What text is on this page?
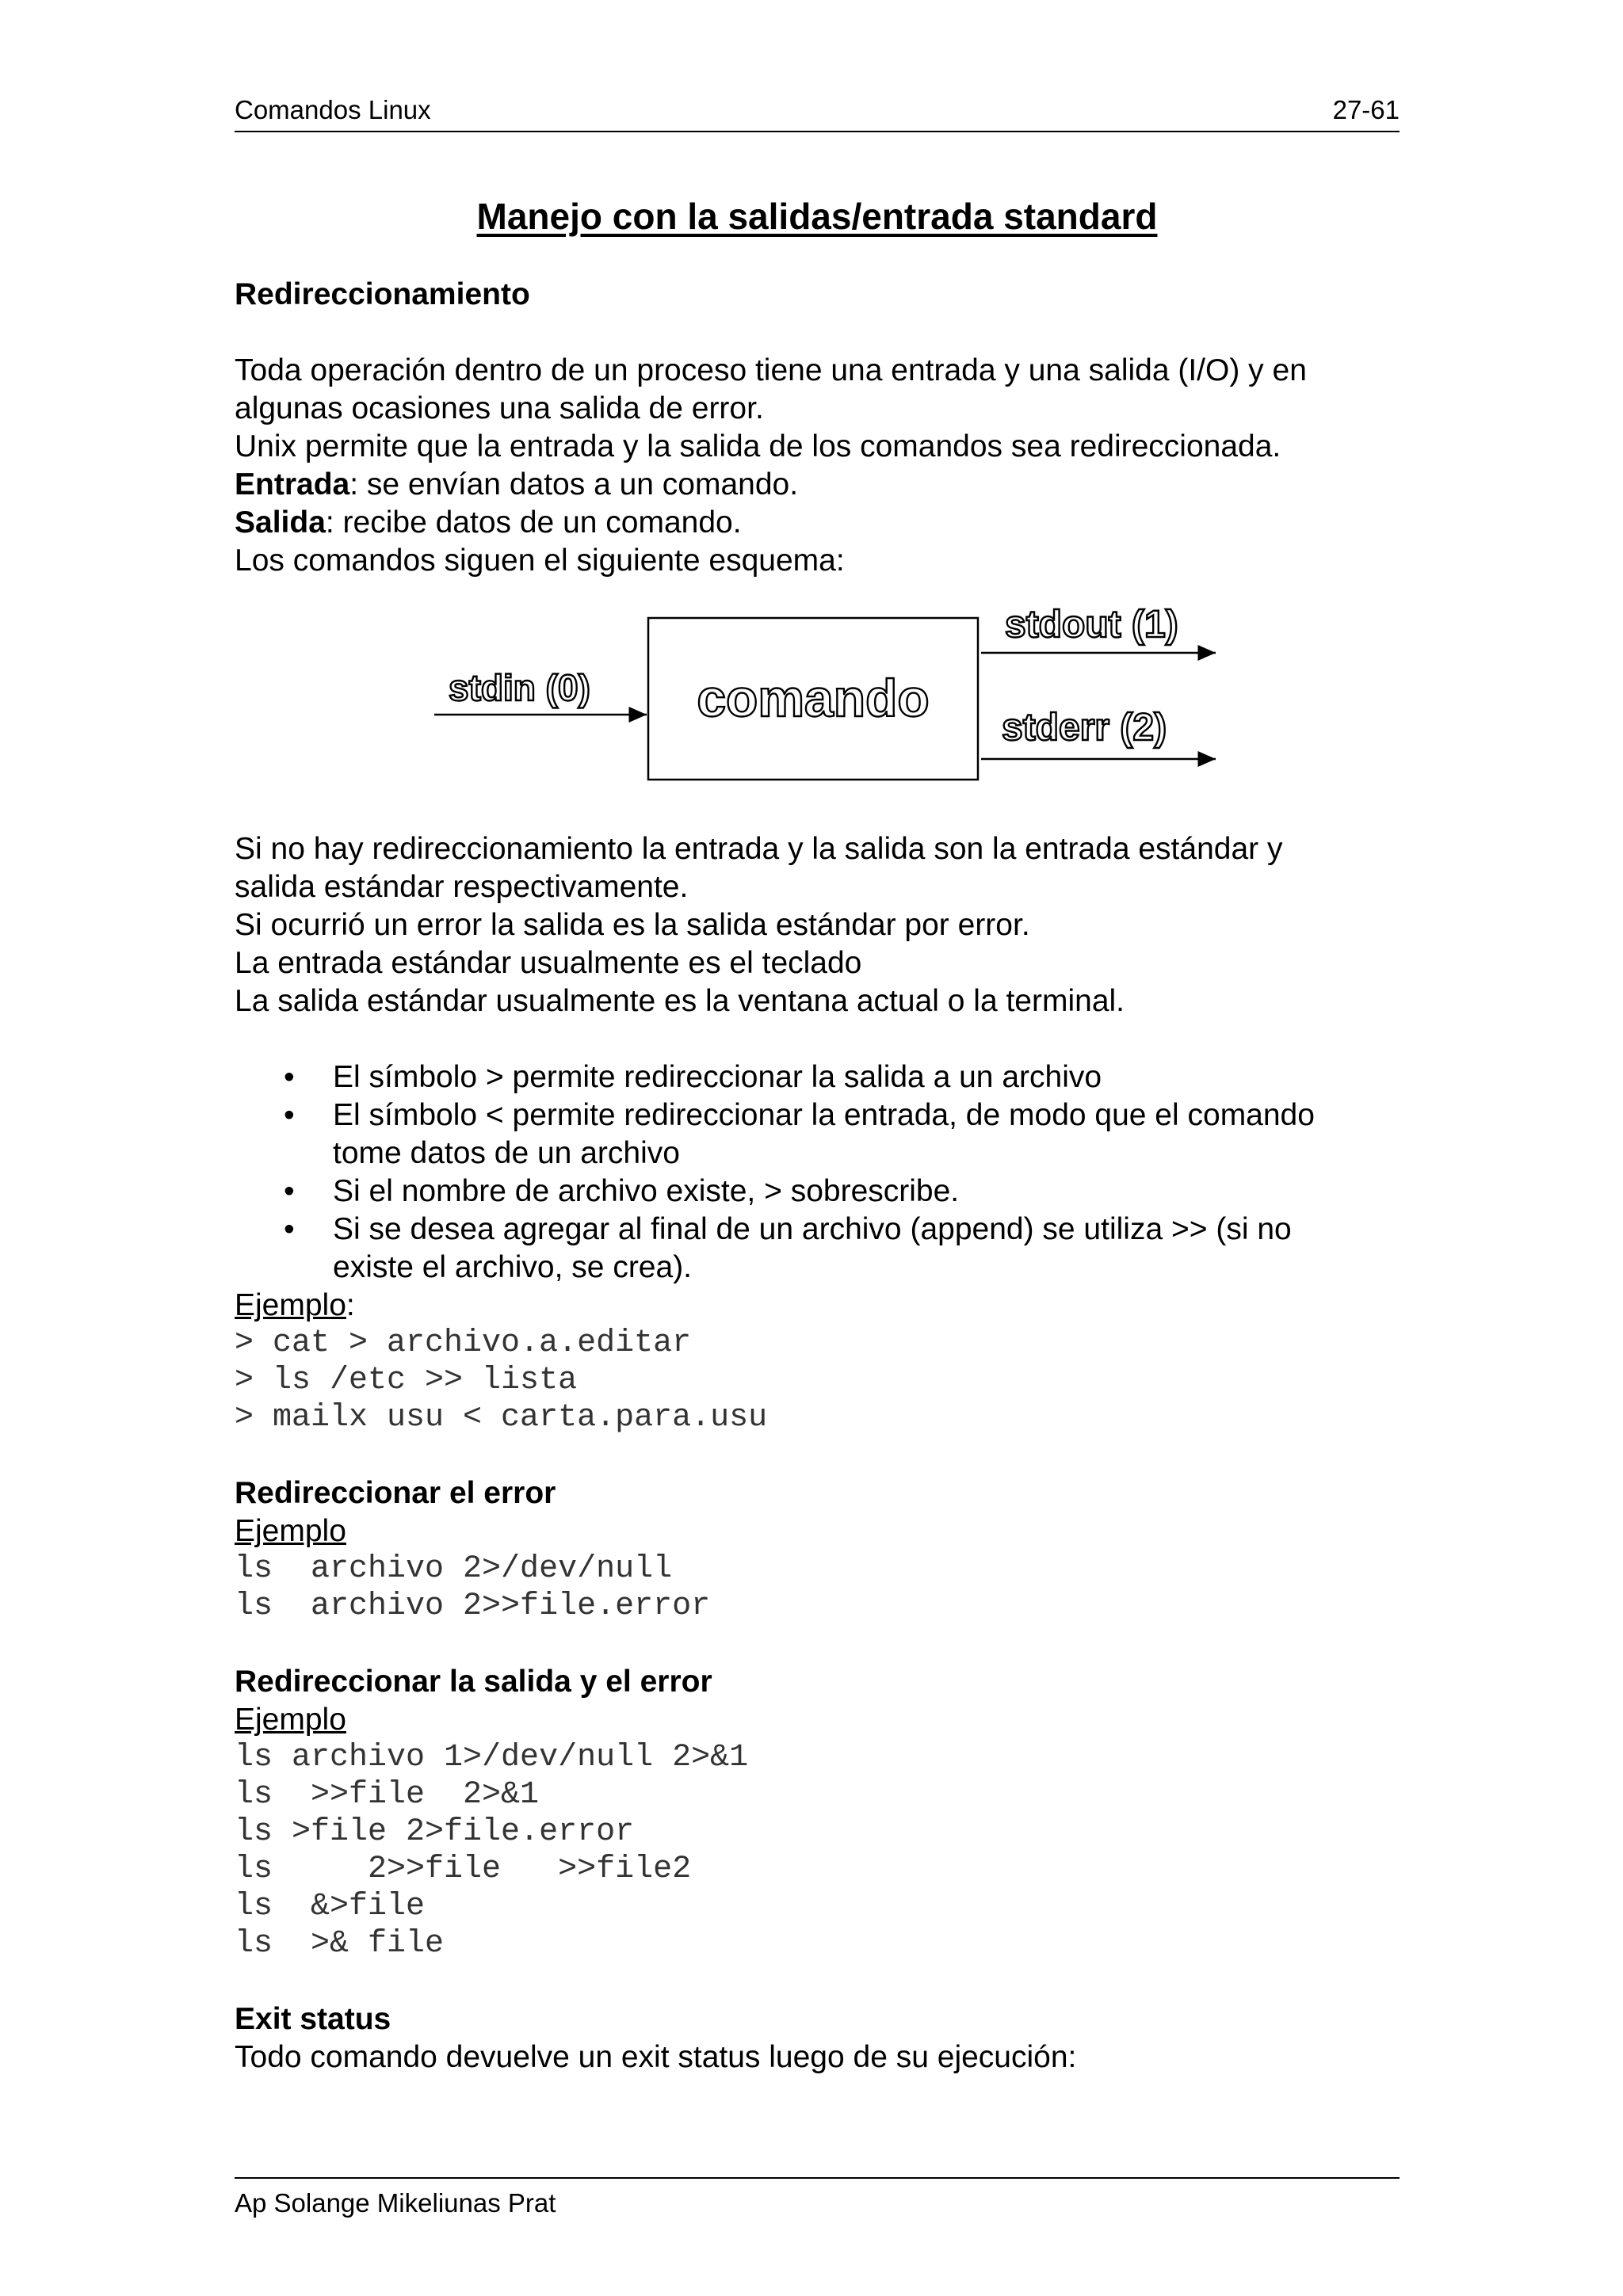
Comandos Linux	27-61
Manejo con la salidas/entrada standard

Redireccionamiento

Toda operación dentro de un proceso tiene una entrada y una salida (I/O) y en

algunas ocasiones una salida de error.

Unix permite que la entrada y la salida de los comandos sea redireccionada.

Entrada: se envían datos a un comando.

Salida: recibe datos de un comando.

Los comandos siguen el siguiente esquema:

comando
stdin (0)
stdout (1)
stderr (2)

Si no hay redireccionamiento la entrada y la salida son la entrada estándar y

salida estándar respectivamente.

Si ocurrió un error la salida es la salida estándar por error.

La entrada estándar usualmente es el teclado

La salida estándar usualmente es la ventana actual o la terminal.

• El símbolo > permite redireccionar la salida a un archivo
• El símbolo < permite redireccionar la entrada, de modo que el comando
tome datos de un archivo
• Si el nombre de archivo existe, > sobrescribe.
• Si se desea agregar al final de un archivo (append) se utiliza >> (si no
existe el archivo, se crea).

Ejemplo:

> cat > archivo.a.editar
> ls /etc >> lista
> mailx usu < carta.para.usu

Redireccionar el error

Ejemplo

ls  archivo 2>/dev/null
ls  archivo 2>>file.error

Redireccionar la salida y el error

Ejemplo

ls archivo 1>/dev/null 2>&1
ls  >>file  2>&1
ls >file 2>file.error
ls     2>>file   >>file2
ls  &>file
ls  >& file

Exit status

Todo comando devuelve un exit status luego de su ejecución:

Ap Solange Mikeliunas Prat
